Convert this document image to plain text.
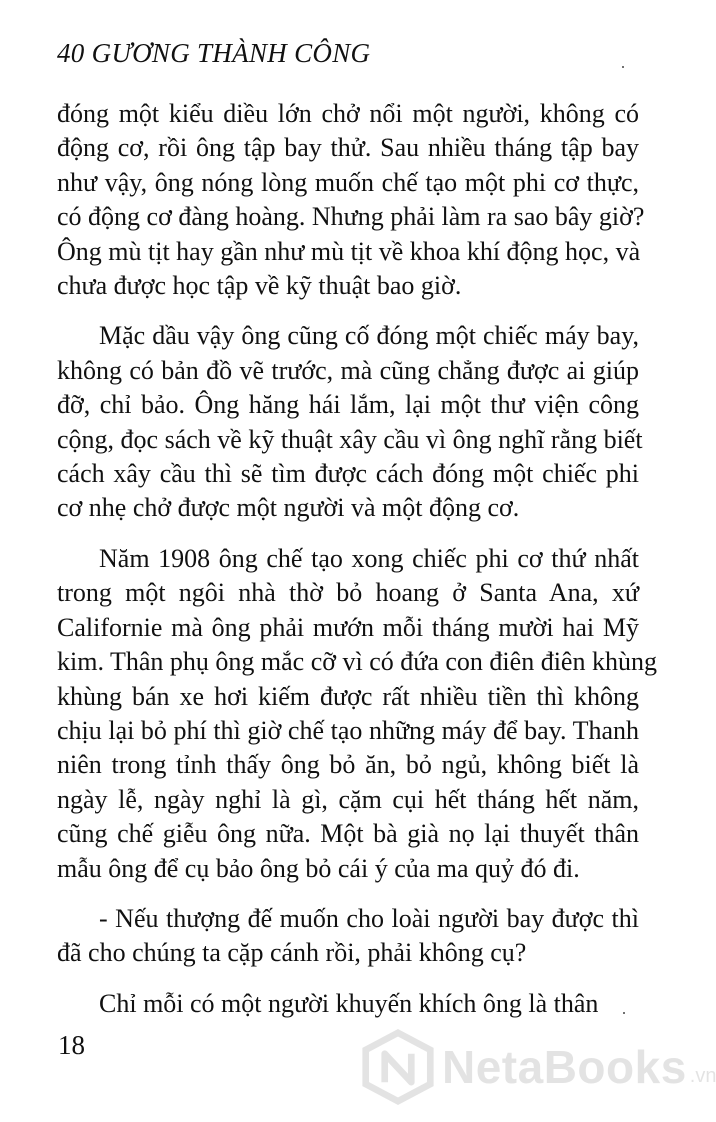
40 GƯƠNG THÀNH CÔNG
đóng một kiểu diều lớn chở nổi một người, không có
động cơ, rồi ông tập bay thử. Sau nhiều tháng tập bay
như vậy, ông nóng lòng muốn chế tạo một phi cơ thực,
có động cơ đàng hoàng. Nhưng phải làm ra sao bây giờ?
Ông mù tịt hay gần như mù tịt về khoa khí động học, và
chưa được học tập về kỹ thuật bao giờ.
Mặc dầu vậy ông cũng cố đóng một chiếc máy bay,
không có bản đồ vẽ trước, mà cũng chẳng được ai giúp
đỡ, chỉ bảo. Ông hăng hái lắm, lại một thư viện công
cộng, đọc sách về kỹ thuật xây cầu vì ông nghĩ rằng biết
cách xây cầu thì sẽ tìm được cách đóng một chiếc phi
cơ nhẹ chở được một người và một động cơ.
Năm 1908 ông chế tạo xong chiếc phi cơ thứ nhất
trong một ngôi nhà thờ bỏ hoang ở Santa Ana, xứ
Californie mà ông phải mướn mỗi tháng mười hai Mỹ
kim. Thân phụ ông mắc cỡ vì có đứa con điên điên khùng
khùng bán xe hơi kiếm được rất nhiều tiền thì không
chịu lại bỏ phí thì giờ chế tạo những máy để bay. Thanh
niên trong tỉnh thấy ông bỏ ăn, bỏ ngủ, không biết là
ngày lễ, ngày nghỉ là gì, cặm cụi hết tháng hết năm,
cũng chế giễu ông nữa. Một bà già nọ lại thuyết thân
mẫu ông để cụ bảo ông bỏ cái ý của ma quỷ đó đi.
- Nếu thượng đế muốn cho loài người bay được thì
đã cho chúng ta cặp cánh rồi, phải không cụ?
Chỉ mỗi có một người khuyến khích ông là thân
18	NetaBooks .vn
